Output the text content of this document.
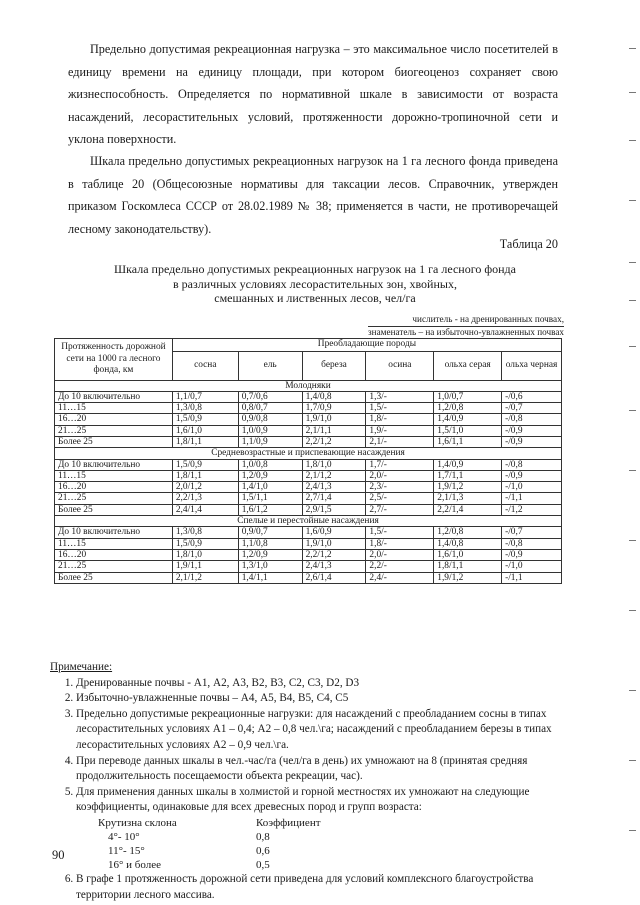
Предельно допустимая рекреационная нагрузка – это максимальное число посетителей в единицу времени на единицу площади, при котором биогеоценоз сохраняет свою жизнеспособность. Определяется по нормативной шкале в зависимости от возраста насаждений, лесорастительных условий, протяженности дорожно-тропиночной сети и уклона поверхности.
Шкала предельно допустимых рекреационных нагрузок на 1 га лесного фонда приведена в таблице 20 (Общесоюзные нормативы для таксации лесов. Справочник, утвержден приказом Госкомлеса СССР от 28.02.1989 № 38; применяется в части, не противоречащей лесному законодательству).
Таблица 20
Шкала предельно допустимых рекреационных нагрузок на 1 га лесного фонда
в различных условиях лесорастительных зон, хвойных,
смешанных и лиственных лесов, чел/га
числитель - на дренированных почвах,
знаменатель – на избыточно-увлажненных почвах
Протяженность дорожной сети на 1000 га лесного фонда, км	Преобладающие породы					
	сосна	ель	береза	осина	ольха серая	ольха черная
Молодняки						
До 10 включительно	1,1/0,7	0,7/0,6	1,4/0,8	1,3/-	1,0/0,7	-/0,6
11…15	1,3/0,8	0,8/0,7	1,7/0,9	1,5/-	1,2/0,8	-/0,7
16…20	1,5/0,9	0,9/0,8	1,9/1,0	1,8/-	1,4/0,9	-/0,8
21…25	1,6/1,0	1,0/0,9	2,1/1,1	1,9/-	1,5/1,0	-/0,9
Более 25	1,8/1,1	1,1/0,9	2,2/1,2	2,1/-	1,6/1,1	-/0,9
Средневозрастные и приспевающие насаждения						
До 10 включительно	1,5/0,9	1,0/0,8	1,8/1,0	1,7/-	1,4/0,9	-/0,8
11…15	1,8/1,1	1,2/0,9	2,1/1,2	2,0/-	1,7/1,1	-/0,9
16…20	2,0/1,2	1,4/1,0	2,4/1,3	2,3/-	1,9/1,2	-/1,0
21…25	2,2/1,3	1,5/1,1	2,7/1,4	2,5/-	2,1/1,3	-/1,1
Более 25	2,4/1,4	1,6/1,2	2,9/1,5	2,7/-	2,2/1,4	-/1,2
Спелые и перестойные насаждения						
До 10 включительно	1,3/0,8	0,9/0,7	1,6/0,9	1,5/-	1,2/0,8	-/0,7
11…15	1,5/0,9	1,1/0,8	1,9/1,0	1,8/-	1,4/0,8	-/0,8
16…20	1,8/1,0	1,2/0,9	2,2/1,2	2,0/-	1,6/1,0	-/0,9
21…25	1,9/1,1	1,3/1,0	2,4/1,3	2,2/-	1,8/1,1	-/1,0
Более 25	2,1/1,2	1,4/1,1	2,6/1,4	2,4/-	1,9/1,2	-/1,1
Примечание:
1. Дренированные почвы - А1, А2, А3, В2, В3, С2, С3, D2, D3
2. Избыточно-увлажненные почвы – А4, А5, В4, В5, С4, С5
3. Предельно допустимые рекреационные нагрузки: для насаждений с преобладанием сосны в типах лесорастительных условиях А1 – 0,4; А2 – 0,8 чел.\га; насаждений с преобладанием березы в типах лесорастительных условиях А2 – 0,9 чел.\га.
4. При переводе данных шкалы в чел.-час/га (чел/га в день) их умножают на 8 (принятая средняя продолжительность посещаемости объекта рекреации, час).
5. Для применения данных шкалы в холмистой и горной местностях их умножают на следующие коэффициенты, одинаковые для всех древесных пород и групп возраста:
Крутизна склона	Коэффициент
4°- 10°	0,8
11°- 15°	0,6
16° и более	0,5
6. В графе 1 протяженность дорожной сети приведена для условий комплексного благоустройства территории лесного массива.
90
